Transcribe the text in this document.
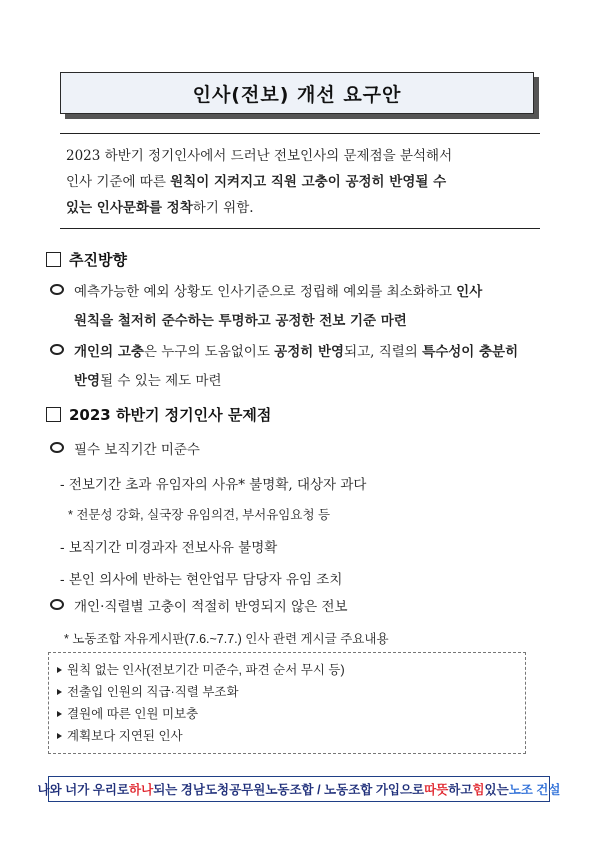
인사(전보) 개선 요구안
2023 하반기 정기인사에서 드러난 전보인사의 문제점을 분석해서
인사 기준에 따른 원칙이 지켜지고 직원 고충이 공정히 반영될 수
있는 인사문화를 정착하기 위함.
추진방향
예측가능한 예외 상황도 인사기준으로 정립해 예외를 최소화하고 인사
원칙을 철저히 준수하는 투명하고 공정한 전보 기준 마련
개인의 고충은 누구의 도움없이도 공정히 반영되고, 직렬의 특수성이 충분히
반영될 수 있는 제도 마련
2023 하반기 정기인사 문제점
필수 보직기간 미준수
- 전보기간 초과 유임자의 사유* 불명확, 대상자 과다
* 전문성 강화, 실국장 유임의견, 부서유임요청 등
- 보직기간 미경과자 전보사유 불명확
- 본인 의사에 반하는 현안업무 담당자 유임 조치
개인·직렬별 고충이 적절히 반영되지 않은 전보
* 노동조합 자유게시판(7.6.~7.7.) 인사 관련 게시글 주요내용
원칙 없는 인사(전보기간 미준수, 파견 순서 무시 등)
전출입 인원의 직급·직렬 부조화
결원에 따른 인원 미보충
계획보다 지연된 인사
나와 너가 우리로 하나 되는 경남도청공무원노동조합 / 노동조합 가입으로 따뜻 하고 힘 있는 노조 건설
